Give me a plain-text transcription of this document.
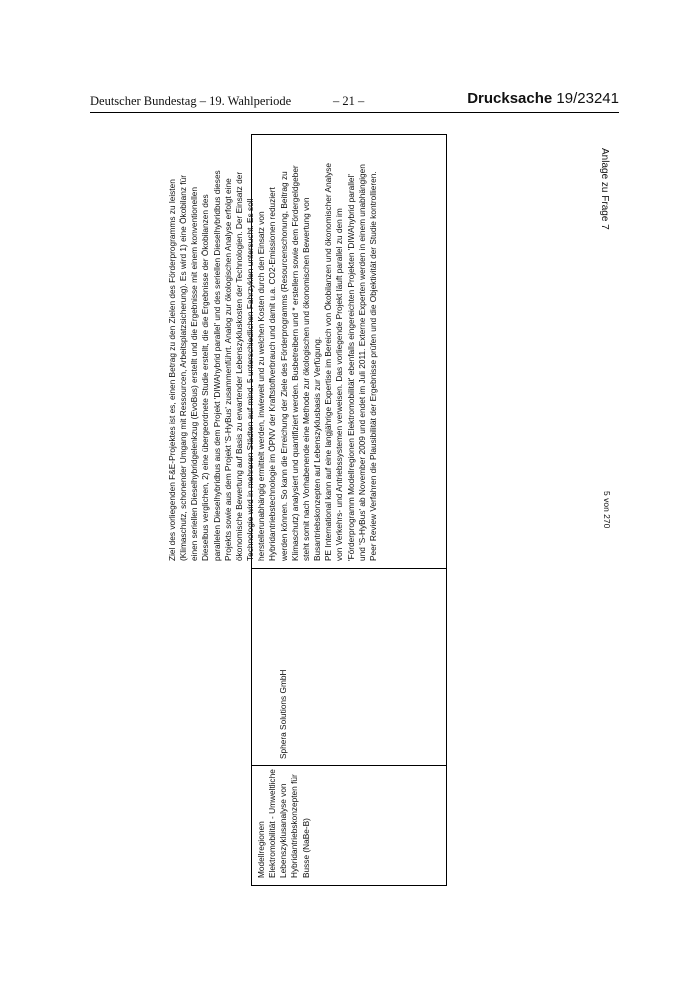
Deutscher Bundestag – 19. Wahlperiode	– 21 –	Drucksache 19/23241
Anlage zu Frage 7
5 von 270
Modellregionen Elektromobilität - Umweltliche Lebenszyklusanalyse von Hybridantriebskonzepten für Busse (NaBe-B)
Sphera Solutions GmbH
Ziel des vorliegenden F&E-Projektes ist es, einen Betrag zu den Zielen des Förderprogramms zu leisten (Klimaschutz, schonender Umgang mit Ressourcen, Arbeitsplatzsicherung). Es wird 1) eine Ökobilanz für einen seriellen Dieselhybridgelenkzug (EvoBus) erstellt und die Ergebnisse mit einem konventionellen Dieselbus verglichen, 2) eine übergeordnete Studie erstellt, die die Ergebnisse der Ökobilanzen des parallelen Dieselhybridbus aus dem Projekt 'DIWAhybrid parallel' und des seriellen Dieselhybridbus dieses Projekts sowie aus dem Projekt 'S-HyBus' zusammenführt. Analog zur ökologischen Analyse erfolgt eine ökonomische Bewertung auf Basis zu erwartender Lebenszykluskosten der Technologien. Der Einsatz der Technologie wird in mehreren Städten auf mind. 5 unterschiedlichen Fahrzyklen untersucht. Es soll herstellerunabhängig ermittelt werden, inwieweit und zu welchen Kosten durch den Einsatz von Hybridantriebstechnologie im ÖPNV der Kraftstoffverbrauch und damit u.a. CO2-Emissionen reduziert werden können. So kann die Erreichung der Ziele des Förderprogramms (Resourcenschonung, Beitrag zu Klimaschutz) analysiert und quantifiziert werden. Busbetreibern und * erstellern sowie dem Fördergeldgeber steht somit nach Vorhabenende eine Methode zur ökologischen und ökonomischen Bewertung von Busantriebskonzepten auf Lebenszyklusbasis zur Verfügung. PE International kann auf eine langjährige Expertise im Bereich von Ökobilanzen und ökonomischer Analyse von Verkehrs- und Antriebssystemen verweisen. Das vorliegende Projekt läuft parallel zu den im 'Förderprogramm Modellregionen Elektromobilität' ebenfalls eingereichten Projekten 'DIWAhybrid parallel' und 'S-HyBus' ab November 2009 und endet im Juli 2011. Externe Experten werden in einem unabhängigen Peer Review Verfahren die Plausibilität der Ergebnisse prüfen und die Objektivität der Studie kontrollieren.
